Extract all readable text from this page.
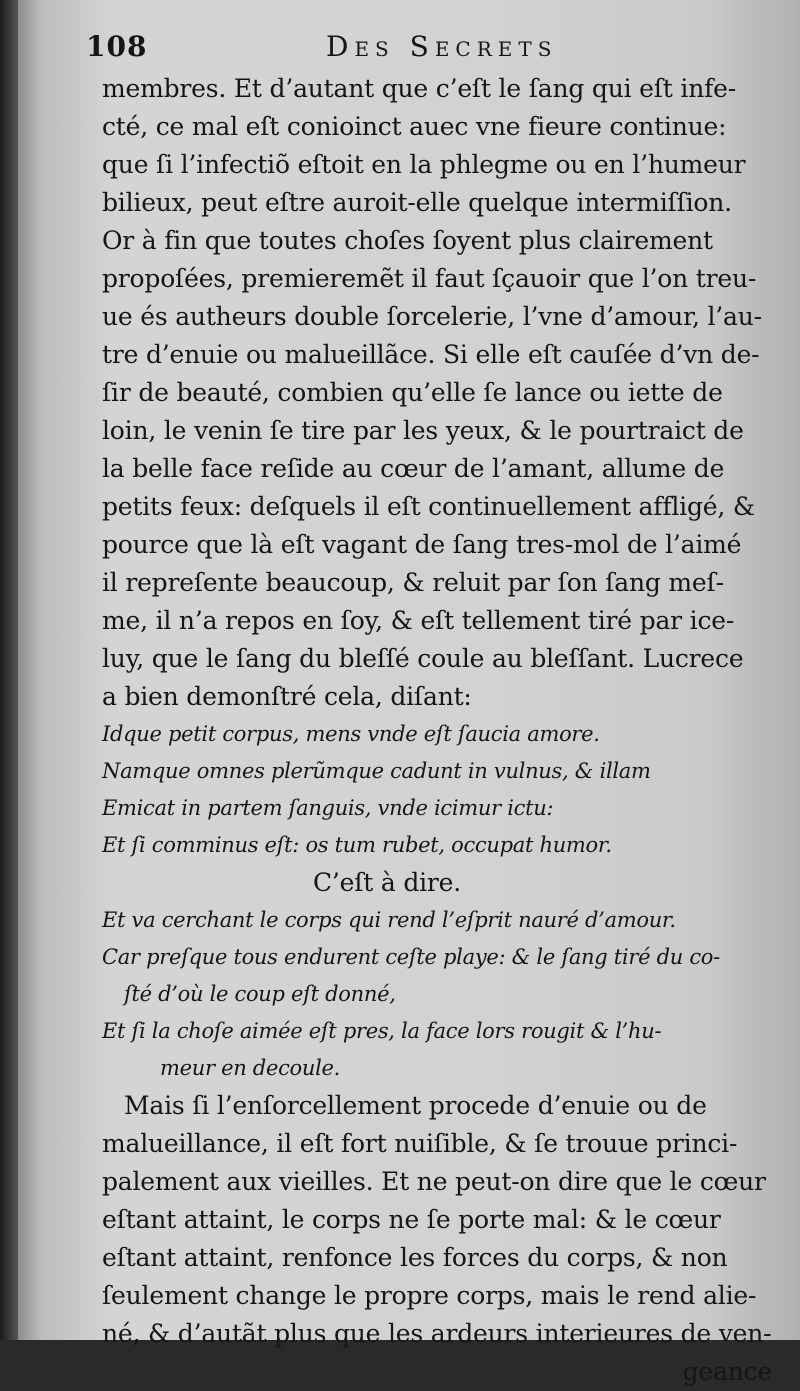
108	Des Secrets
membres. Et d’autant que c’eſt le ſang qui eſt infe-
cté, ce mal eſt conioinct auec vne fieure continue:
que ſi l’infectiõ eſtoit en la phlegme ou en l’humeur
bilieux, peut eſtre auroit-elle quelque intermiſſion.
Or à fin que toutes choſes ſoyent plus clairement
propoſées, premieremẽt il faut ſçauoir que l’on treu-
ue és autheurs double ſorcelerie, l’vne d’amour, l’au-
tre d’enuie ou malueillãce. Si elle eſt cauſée d’vn de-
ſir de beauté, combien qu’elle ſe lance ou iette de
loin, le venin ſe tire par les yeux, & le pourtraict de
la belle face reſide au cœur de l’amant, allume de
petits feux: deſquels il eſt continuellement affligé, &
pource que là eſt vagant de ſang tres-mol de l’aimé
il repreſente beaucoup, & reluit par ſon ſang meſ-
me, il n’a repos en ſoy, & eſt tellement tiré par ice-
luy, que le ſang du bleſſé coule au bleſſant. Lucrece
a bien demonſtré cela, diſant:
Idque petit corpus, mens vnde eſt ſaucia amore.
Namque omnes plerũmque cadunt in vulnus, & illam
Emicat in partem ſanguis, vnde icimur ictu:
Et ſi comminus eſt: os tum rubet, occupat humor.
C’eſt à dire.
Et va cerchant le corps qui rend l’eſprit nauré d’amour.
Car preſque tous endurent ceſte playe: & le ſang tiré du co-
ſté d’où le coup eſt donné,
Et ſi la choſe aimée eſt pres, la face lors rougit & l’hu-
meur en decoule.
Mais ſi l’enſorcellement procede d’enuie ou de
malueillance, il eſt fort nuiſible, & ſe trouue princi-
palement aux vieilles. Et ne peut-on dire que le cœur
eſtant attaint, le corps ne ſe porte mal: & le cœur
eſtant attaint, renfonce les forces du corps, & non
ſeulement change le propre corps, mais le rend alie-
né, & d’autãt plus que les ardeurs interieures de ven-
geance
